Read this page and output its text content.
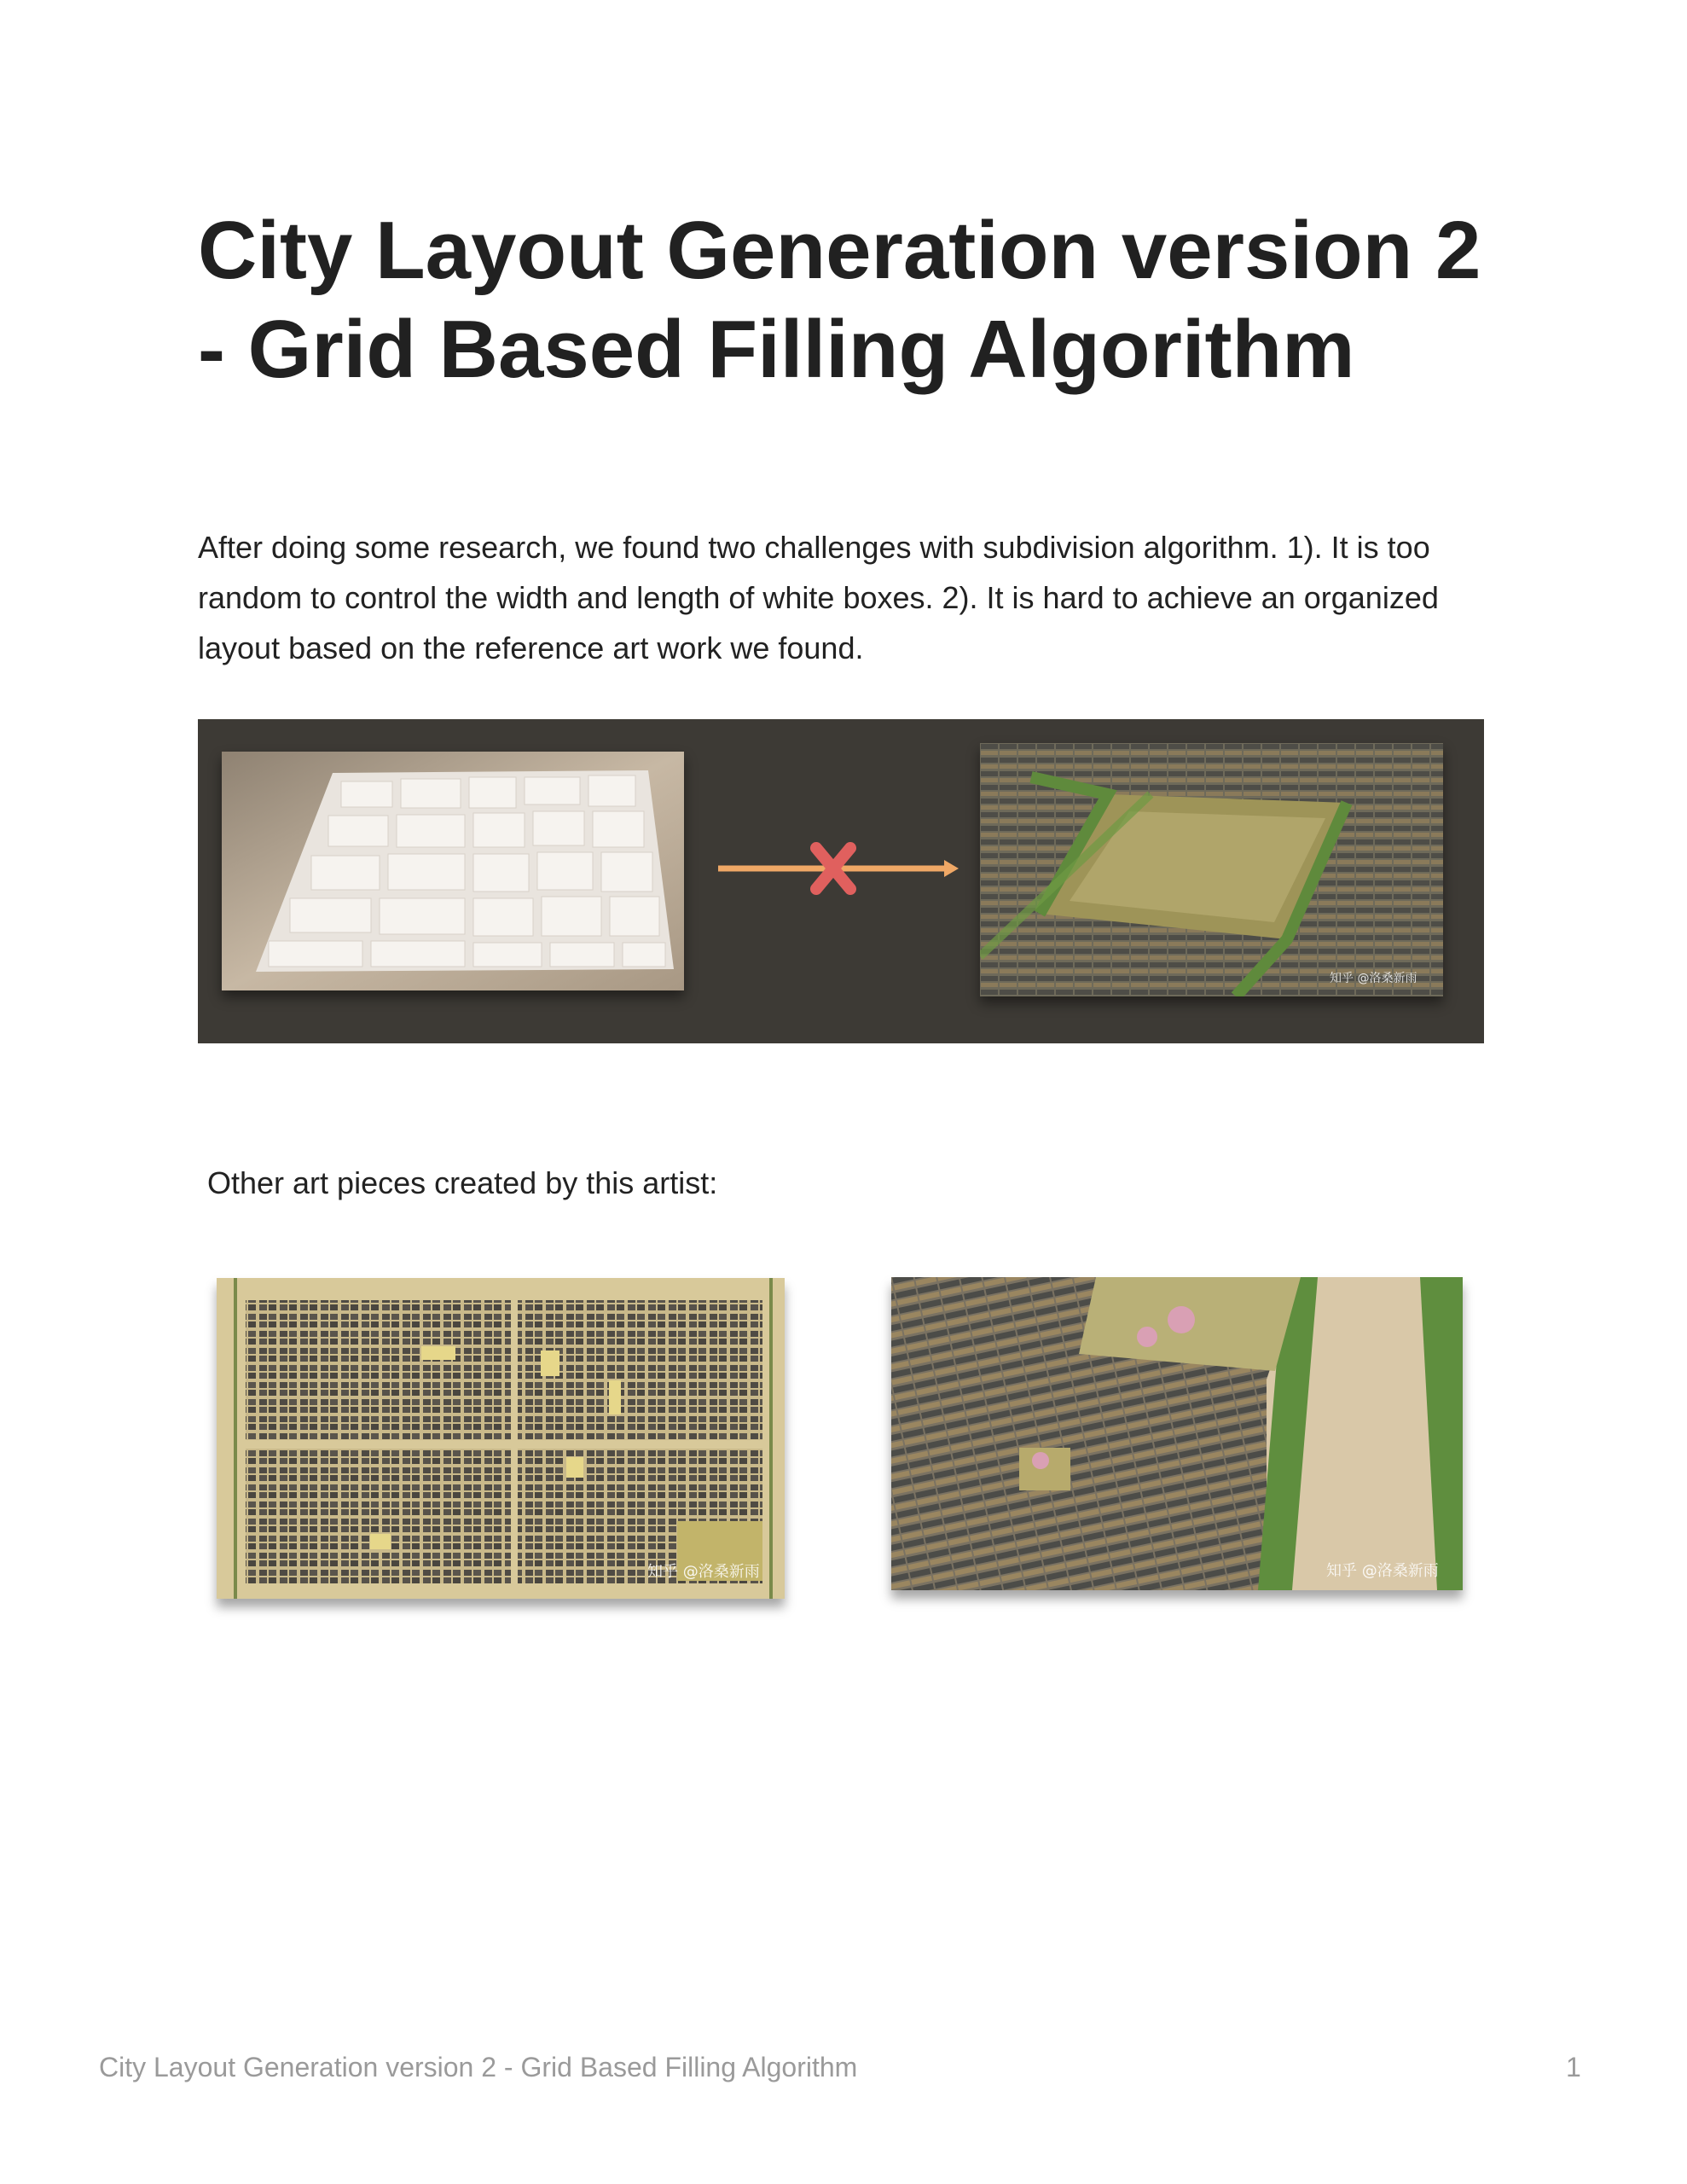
City Layout Generation version 2 - Grid Based Filling Algorithm

After doing some research, we found two challenges with subdivision algorithm. 1). It is too random to control the width and length of white boxes. 2). It is hard to achieve an organized layout based on the reference art work we found.

知乎 @洛桑新雨

Other art pieces created by this artist:

知乎 @洛桑新雨	知乎 @洛桑新雨
City Layout Generation version 2 - Grid Based Filling Algorithm	1
